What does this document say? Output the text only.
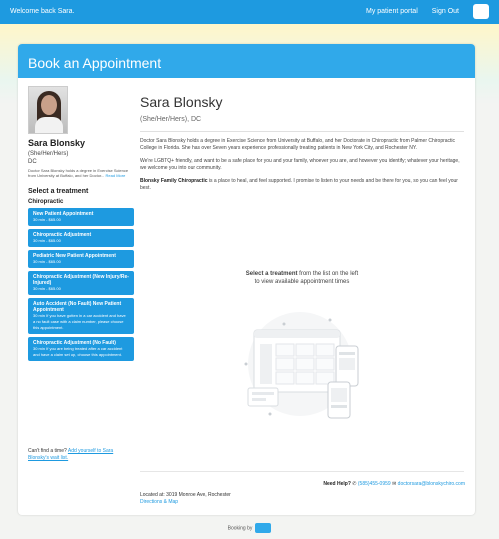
Welcome back Sara.	My patient portal Sign Out
Book an Appointment
Sara Blonsky
(She/Her/Hers)
DC
Doctor Sara Blonsky holds a degree in Exercise Science from University at Buffalo, and her Doctor... Read More
Select a treatment
Chiropractic
New Patient Appointment
30 min - $65.00
Chiropractic Adjustment
30 min - $65.00
Pediatric New Patient Appointment
30 min - $65.00
Chiropractic Adjustment (New Injury/Re-Injured)
30 min - $65.00
Auto Accident (No Fault) New Patient Appointment
30 min If you have gotten in a car accident and have a no fault case with a claim number, please choose this appointment.
Chiropractic Adjustment (No Fault)
30 min If you are being treated after a car accident and have a claim set up, choose this appointment.
Can't find a time? Add yourself to Sara Blonsky's wait list.
Sara Blonsky
(She/Her/Hers), DC

Doctor Sara Blonsky holds a degree in Exercise Science from University at Buffalo, and her Doctorate in Chiropractic from Palmer Chiropractic College in Florida. She has over Seven years experience professionally treating patients in New York City, and Rochester NY.

We're LGBTQ+ friendly, and want to be a safe place for you and your family, whoever you are, and however you identify; whatever your heritage, we welcome you into our community.

Blonsky Family Chiropractic is a place to heal, and feel supported. I promise to listen to your needs and be there for you, so you can feel your best.

Select a treatment from the list on the left
to view available appointment times
Need Help? ✆ (585)455-0959 ✉ doctorsara@blonskychiro.com
Located at: 3019 Monroe Ave, Rochester
Directions & Map
Booking by
